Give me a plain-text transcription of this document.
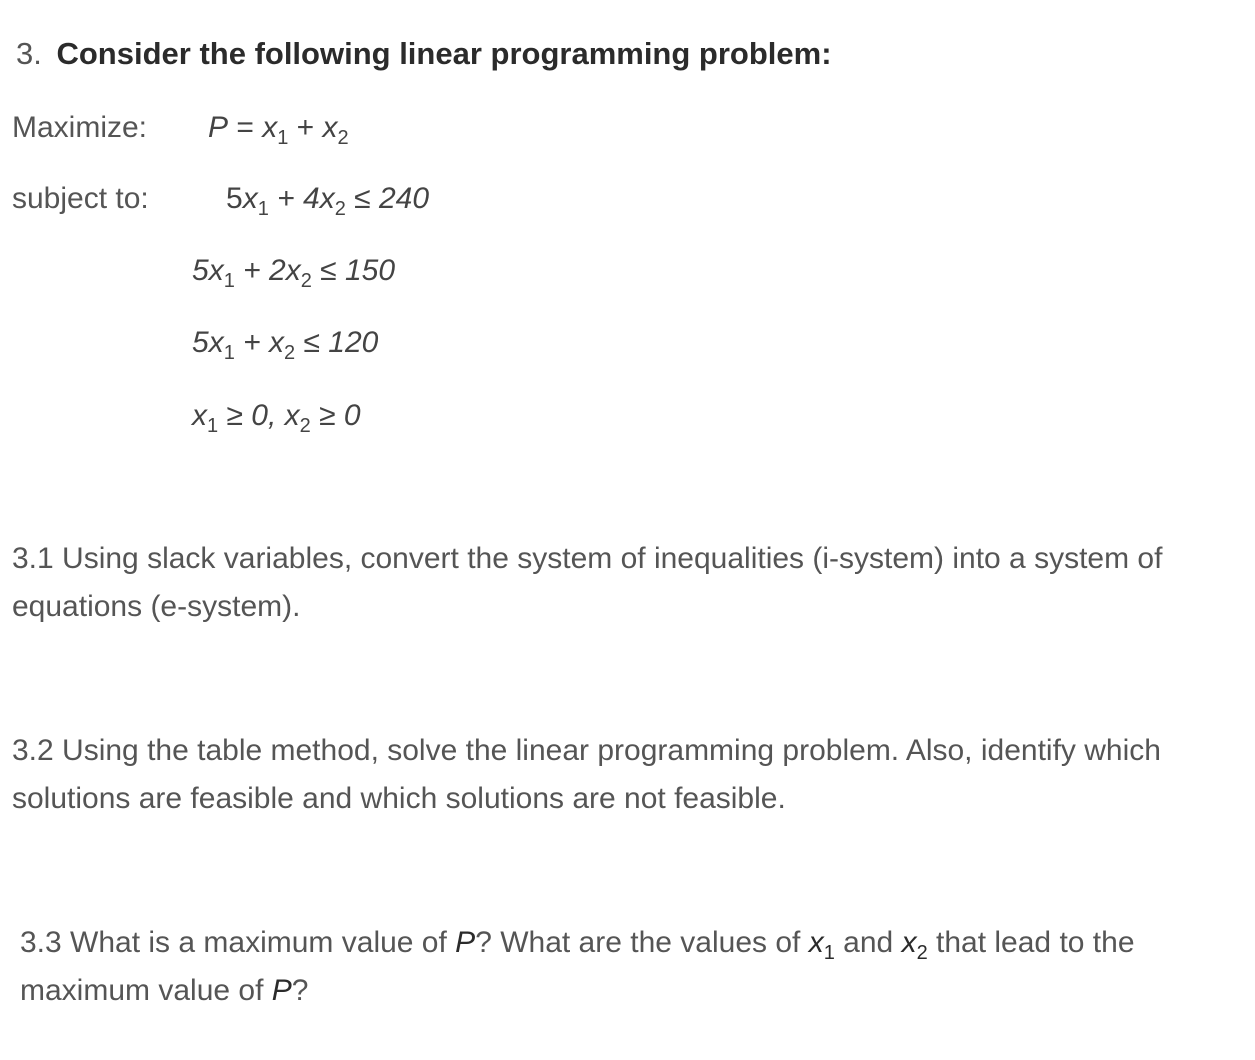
3. Consider the following linear programming problem:
Maximize: $P = x_1 + x_2$
subject to:	$5x_1 + 4x_2 \le 240$
$5x_1 + 2x_2 \le 150$
$5x_1 + x_2 \le 120$
$x_1 \ge 0$, $x_2 \ge 0$
3.1 Using slack variables, convert the system of inequalities (i-system) into a system of equations (e-system).
3.2 Using the table method, solve the linear programming problem. Also, identify which solutions are feasible and which solutions are not feasible.
3.3 What is a maximum value of P? What are the values of $x_1$ and $x_2$ that lead to the maximum value of P?
